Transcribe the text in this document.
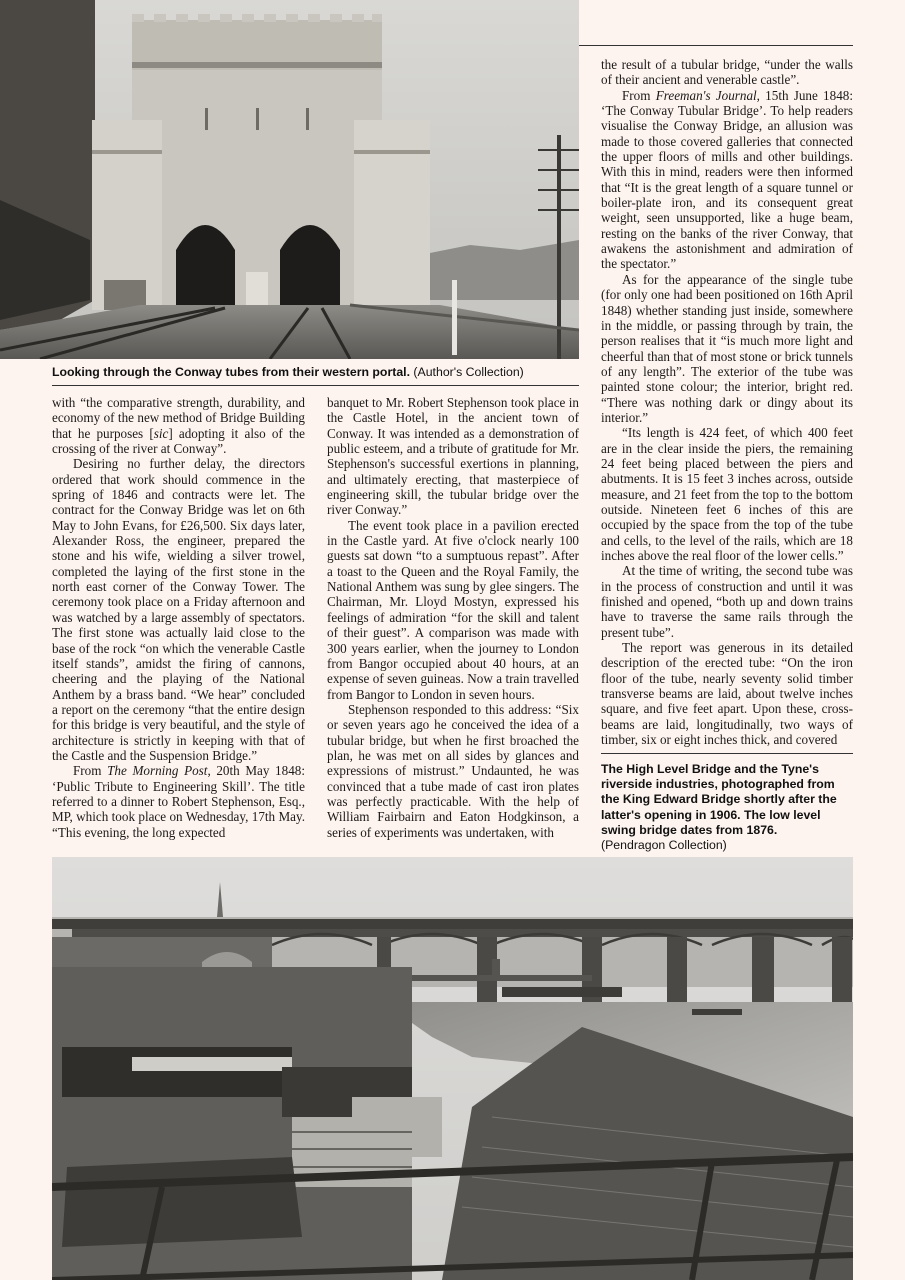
Looking through the Conway tubes from their western portal. (Author's Collection)

with “the comparative strength, durability, and economy of the new method of Bridge Building that he purposes [sic] adopting it also of the crossing of the river at Conway”.

Desiring no further delay, the directors ordered that work should commence in the spring of 1846 and contracts were let. The contract for the Conway Bridge was let on 6th May to John Evans, for £26,500. Six days later, Alexander Ross, the engineer, prepared the stone and his wife, wielding a silver trowel, completed the laying of the first stone in the north east corner of the Conway Tower. The ceremony took place on a Friday afternoon and was watched by a large assembly of spectators. The first stone was actually laid close to the base of the rock “on which the venerable Castle itself stands”, amidst the firing of cannons, cheering and the playing of the National Anthem by a brass band. “We hear” concluded a report on the ceremony “that the entire design for this bridge is very beautiful, and the style of architecture is strictly in keeping with that of the Castle and the Suspension Bridge.”

From The Morning Post, 20th May 1848: ‘Public Tribute to Engineering Skill’. The title referred to a dinner to Robert Stephenson, Esq., MP, which took place on Wednesday, 17th May. “This evening, the long expected

banquet to Mr. Robert Stephenson took place in the Castle Hotel, in the ancient town of Conway. It was intended as a demonstration of public esteem, and a tribute of gratitude for Mr. Stephenson's successful exertions in planning, and ultimately erecting, that masterpiece of engineering skill, the tubular bridge over the river Conway.”

The event took place in a pavilion erected in the Castle yard. At five o'clock nearly 100 guests sat down “to a sumptuous repast”. After a toast to the Queen and the Royal Family, the National Anthem was sung by glee singers. The Chairman, Mr. Lloyd Mostyn, expressed his feelings of admiration “for the skill and talent of their guest”. A comparison was made with 300 years earlier, when the journey to London from Bangor occupied about 40 hours, at an expense of seven guineas. Now a train travelled from Bangor to London in seven hours.

Stephenson responded to this address: “Six or seven years ago he conceived the idea of a tubular bridge, but when he first broached the plan, he was met on all sides by glances and expressions of mistrust.” Undaunted, he was convinced that a tube made of cast iron plates was perfectly practicable. With the help of William Fairbairn and Eaton Hodgkinson, a series of experiments was undertaken, with

the result of a tubular bridge, “under the walls of their ancient and venerable castle”.

From Freeman's Journal, 15th June 1848: ‘The Conway Tubular Bridge’. To help readers visualise the Conway Bridge, an allusion was made to those covered galleries that connected the upper floors of mills and other buildings. With this in mind, readers were then informed that “It is the great length of a square tunnel or boiler-plate iron, and its consequent great weight, seen unsupported, like a huge beam, resting on the banks of the river Conway, that awakens the astonishment and admiration of the spectator.”

As for the appearance of the single tube (for only one had been positioned on 16th April 1848) whether standing just inside, somewhere in the middle, or passing through by train, the person realises that it “is much more light and cheerful than that of most stone or brick tunnels of any length”. The exterior of the tube was painted stone colour; the interior, bright red. “There was nothing dark or dingy about its interior.”

“Its length is 424 feet, of which 400 feet are in the clear inside the piers, the remaining 24 feet being placed between the piers and abutments. It is 15 feet 3 inches across, outside measure, and 21 feet from the top to the bottom outside. Nineteen feet 6 inches of this are occupied by the space from the top of the tube and cells, to the level of the rails, which are 18 inches above the real floor of the lower cells.”

At the time of writing, the second tube was in the process of construction and until it was finished and opened, “both up and down trains have to traverse the same rails through the present tube”.

The report was generous in its detailed description of the erected tube: “On the iron floor of the tube, nearly seventy solid timber transverse beams are laid, about twelve inches square, and five feet apart. Upon these, cross-beams are laid, longitudinally, two ways of timber, six or eight inches thick, and covered

The High Level Bridge and the Tyne's riverside industries, photographed from the King Edward Bridge shortly after the latter's opening in 1906. The low level swing bridge dates from 1876.
(Pendragon Collection)
